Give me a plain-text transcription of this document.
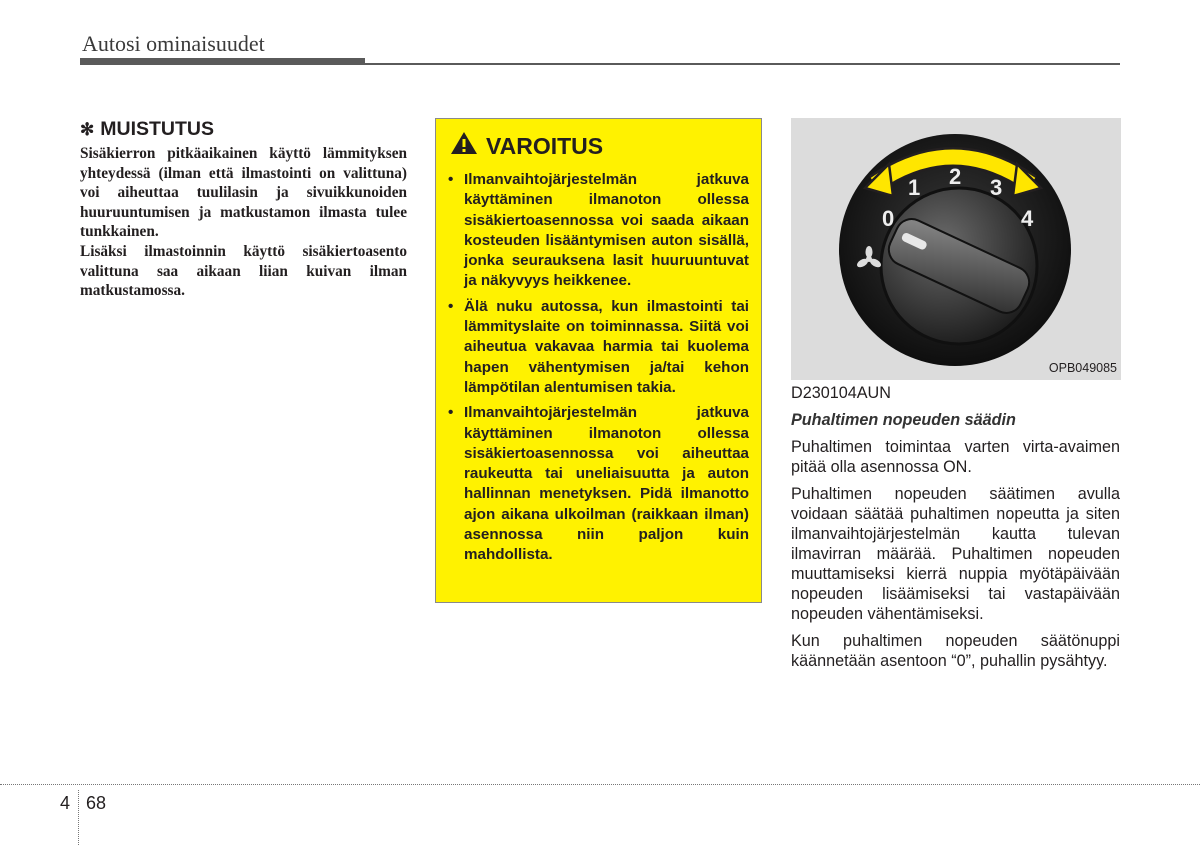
Autosi ominaisuudet
✻ MUISTUTUS

Sisäkierron pitkäaikainen käyttö lämmityksen yhteydessä (ilman että ilmastointi on valittuna) voi aiheuttaa tuulilasin ja sivuikkunoiden huuruuntumisen ja matkustamon ilmasta tulee tunkkainen.

Lisäksi ilmastoinnin käyttö sisäkiertoasento valittuna saa aikaan liian kuivan ilman matkustamossa.

VAROITUS
• Ilmanvaihtojärjestelmän jatkuva käyttäminen ilmanoton ollessa sisäkiertoasennossa voi saada aikaan kosteuden lisääntymisen auton sisällä, jonka seurauksena lasit huuruuntuvat ja näkyvyys heikkenee.
• Älä nuku autossa, kun ilmastointi tai lämmityslaite on toiminnassa. Siitä voi aiheutua vakavaa harmia tai kuolema hapen vähentymisen ja/tai kehon lämpötilan alentumisen takia.
• Ilmanvaihtojärjestelmän jatkuva käyttäminen ilmanoton ollessa sisäkiertoasennossa voi aiheuttaa raukeutta tai uneliaisuutta ja auton hallinnan menetyksen. Pidä ilmanotto ajon aikana ulkoilman (raikkaan ilman) asennossa niin paljon kuin mahdollista.
0
1 2 3
4
OPB049085

D230104AUN

Puhaltimen nopeuden säädin

Puhaltimen toimintaa varten virta-avaimen pitää olla asennossa ON.

Puhaltimen nopeuden säätimen avulla voidaan säätää puhaltimen nopeutta ja siten ilmanvaihtojärjestelmän kautta tulevan ilmavirran määrää. Puhaltimen nopeuden muuttamiseksi kierrä nuppia myötäpäivään nopeuden lisäämiseksi tai vastapäivään nopeuden vähentämiseksi.

Kun puhaltimen nopeuden säätönuppi käännetään asentoon “0”, puhallin pysähtyy.

4 68
